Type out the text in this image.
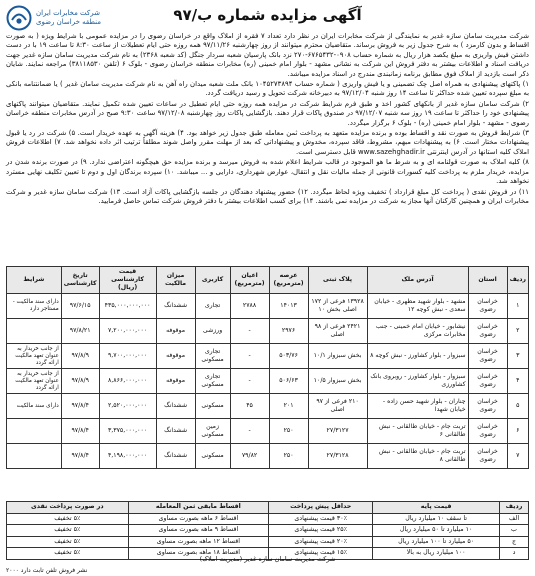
شرکت مخابرات ایران
منطقه خراسان رضوی	آگهی مزایده شماره ب/۹۷

شرکت مدیریت سامان سازه غدیر به نمایندگی از شرکت مخابرات ایران در نظر دارد تعداد ۷ فقره از املاک واقع در خراسان رضوی را در مزایده عمومی با شرایط ویژه ( به صورت اقساط و بدون کارمزد ) به شرح جدول زیر به فروش برساند. متقاضیان محترم میتوانند از روز چهارشنبه ۹۷/۱۱/۲۶ همه روزه حتی ایام تعطیلات از ساعت ۸:۳۰ تا ساعت ۱۹ با در دست داشتن فیش واریزی به مبلغ یکصد هزار ریال به شماره حساب ۰۹۰۸-۶۷۶۵۴۳۲-۲۷۰ نزد بانک پارسیان شعبه سردار جنگل (کد شعبه ۲۳۶۸) به نام شرکت مدیریت سامان سازه غدیر جهت دریافت اسناد و اطلاعات بیشتر به دفتر فروش این شرکت به نشانی مشهد - بلوار امام خمینی (ره) مخابرات منطقه خراسان رضوی - بلوک ۶ (تلفن ۳۸۱۱۸۵۳۰) مراجعه نمایند. شایان ذکر است بازدید از املاک فوق مطابق برنامه زمانبندی مندرج در اسناد مزایده میباشد.

۱) پاکتهای پیشنهادی به همراه اصل چک تضمینی و یا فیش واریزی ( شماره حساب ۱۰۴۵۲۷۳۸۹۴ بانک ملت شعبه میدان راه آهن به نام شرکت مدیریت سامان غدیر ) یا ضمانتنامه بانکی به مبلغ سپرده تعیین شده حداکثر تا ساعت ۱۴ روز شنبه ۹۷/۱۲/۰۴ به دبیرخانه شرکت تحویل و رسید دریافت گردد.

۲) شرکت سامان سازه غدیر از بانکهای کشور اخذ و طبق فرم شرایط شرکت در مزایده همه روزه حتی ایام تعطیل در ساعات تعیین شده تکمیل نمایند. متقاضیان میتوانند پاکتهای پیشنهادی خود را حداکثر تا ساعت ۱۹ روز سه شنبه ۹۷/۱۲/۰۷ در صندوق پاکات قرار دهند. بازگشایی پاکات روز چهارشنبه ۹۷/۱۲/۰۸ ساعت ۹:۳۰ صبح در آدرس مخابرات منطقه خراسان رضوی - مشهد - بلوار امام خمینی (ره) - بلوک ۶ برگزار میگردد.

۳) شرایط فروش به صورت نقد و اقساط بوده و برنده مزایده متعهد به پرداخت ثمن معامله طبق جدول زیر خواهد بود. ۴) هزینه آگهی به عهده خریدار است. ۵) شرکت در رد یا قبول پیشنهادات مختار است. ۶) به پیشنهادات مبهم، مشروط، فاقد سپرده، مخدوش و پیشنهاداتی که بعد از مهلت مقرر واصل شوند مطلقاً ترتیب اثر داده نخواهد شد. ۷) اطلاعات فروش املاک کلیه استانها در آدرس اینترنتی www.sazehghadir.ir قابل دسترسی است.

۸) کلیه املاک به صورت قولنامه ای و به شرط ما هو الموجود در قالب شرایط اعلام شده به فروش میرسد و برنده مزایده حق هیچگونه اعتراضی ندارد. ۹) در صورت برنده شدن در مزایده، خریدار ملزم به پرداخت کلیه کسورات قانونی از جمله مالیات نقل و انتقال، عوارض شهرداری، دارایی و ... میباشد. ۱۰) سپرده برندگان اول و دوم تا تعیین تکلیف نهایی مسترد نخواهد شد.

۱۱) در فروش نقدی ( پرداخت کل مبلغ قرارداد ) تخفیف ویژه لحاظ میگردد. ۱۲) حضور پیشنهاد دهندگان در جلسه بازگشایی پاکات آزاد است. ۱۳) شرکت سامان سازه غدیر و شرکت مخابرات ایران و همچنین کارکنان آنها مجاز به شرکت در مزایده نمی باشند. ۱۴) برای کسب اطلاعات بیشتر با دفتر فروش شرکت تماس حاصل فرمایید.

ردیف	استان	آدرس ملک	پلاک ثبتی	عرصه (مترمربع)	اعیان (مترمربع)	کاربری	میزان مالکیت	قیمت کارشناسی (ریال)	تاریخ کارشناسی	شرایط
۱	خراسان رضوی	مشهد - بلوار شهید مطهری - خیابان سعدی - نبش کوچه ۱۲	۱۳۹۲۸ فرعی از ۱۷۲ اصلی بخش ۱۰	۱۴۰۱۳	۲۷۸۸	تجاری	ششدانگ	۴۳۵,۰۰۰,۰۰۰,۰۰۰	۹۷/۶/۱۵	دارای سند مالکیت - مستاجر دارد
۲	خراسان رضوی	نیشابور - خیابان امام خمینی - جنب مخابرات مرکزی	۲۴۲۱ فرعی از ۹۸ اصلی	۲۹۷۶	-	ورزشی	موقوفه	۷,۲۰۰,۰۰۰,۰۰۰	۹۷/۸/۲۱	
۳	خراسان رضوی	سبزوار - بلوار کشاورز - نبش کوچه ۸	بخش سبزوار ۱۰/۱	۵۰۳/۷۶	-	تجاری مسکونی	موقوفه	۹,۷۰۰,۰۰۰,۰۰۰	۹۷/۸/۹	از جانب خریدار به عنوان تعهد مالکیت ارائه گردد
۴	خراسان رضوی	سبزوار - بلوار کشاورز - روبروی بانک کشاورزی	بخش سبزوار ۱۰/۵	۵۰۶/۶۳	-	تجاری مسکونی	موقوفه	۸,۸۶۶,۰۰۰,۰۰۰	۹۷/۸/۹	از جانب خریدار به عنوان تعهد مالکیت ارائه گردد
۵	خراسان رضوی	چناران - بلوار شهید حسن زاده - خیابان شهدا	۲۱۰ فرعی از ۹۷ اصلی	۲۰۱	۴۵	مسکونی	ششدانگ	۲,۵۲۰,۰۰۰,۰۰۰	۹۷/۸/۴	دارای سند مالکیت
۶	خراسان رضوی	تربت جام - خیابان طالقانی - نبش طالقانی ۶	۲۷/۳۱۲۷	۲۵۰	-	زمین مسکونی	ششدانگ	۳,۳۷۵,۰۰۰,۰۰۰	۹۷/۸/۴	
۷	خراسان رضوی	تربت جام - خیابان طالقانی - نبش طالقانی ۸	۲۷/۳۱۲۸	۲۵۰	۷۹/۸۲	مسکونی	ششدانگ	۴,۱۹۸,۰۰۰,۰۰۰	۹۷/۸/۴	
ردیف	قیمت پایه	حداقل پیش پرداخت	اقساط مابقی ثمن المعامله	در صورت پرداخت نقدی
الف	تا سقف ۱۰ میلیارد ریال	۳۰٪ قیمت پیشنهادی	اقساط ۶ ماهه بصورت مساوی	۵٪ تخفیف
ب	۱۰ میلیارد تا ۵۰ میلیارد ریال	۲۵٪ قیمت پیشنهادی	اقساط ۹ ماهه بصورت مساوی	۵٪ تخفیف
ج	۵۰ میلیارد تا ۱۰۰ میلیارد ریال	۲۰٪ قیمت پیشنهادی	اقساط ۱۲ ماهه بصورت مساوی	۵٪ تخفیف
د	۱۰۰ میلیارد ریال به بالا	۱۵٪ قیمت پیشنهادی	اقساط ۱۸ ماهه بصورت مساوی	۵٪ تخفیف
شرکت مدیریت سامان سازه غدیر (مدیریت املاک)
نشر فروش تلفن تابت دارد ۲۰۰۰
